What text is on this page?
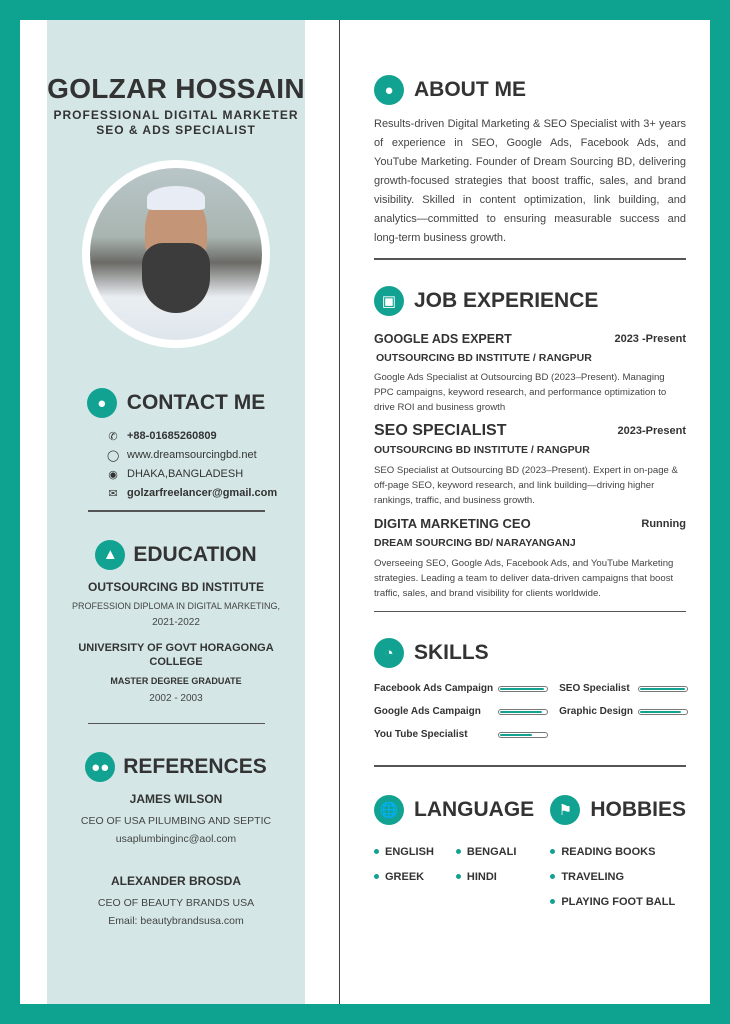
GOLZAR HOSSAIN
PROFESSIONAL DIGITAL MARKETER
SEO & ADS SPECIALIST
● CONTACT ME
✆ +88-01685260809
◯ www.dreamsourcingbd.net
◉ DHAKA,BANGLADESH
✉ golzarfreelancer@gmail.com
▲ EDUCATION
OUTSOURCING BD INSTITUTE
PROFESSION DIPLOMA IN DIGITAL MARKETING,
2021-2022
UNIVERSITY OF GOVT HORAGONGA COLLEGE
MASTER DEGREE GRADUATE
2002 - 2003
●● REFERENCES
JAMES WILSON
CEO OF USA PILUMBING AND SEPTIC
usaplumbinginc@aol.com
ALEXANDER BROSDA
CEO OF BEAUTY BRANDS USA
Email: beautybrandsusa.com
● ABOUT ME
Results-driven Digital Marketing & SEO Specialist with 3+ years of experience in SEO, Google Ads, Facebook Ads, and YouTube Marketing. Founder of Dream Sourcing BD, delivering growth-focused strategies that boost traffic, sales, and brand visibility. Skilled in content optimization, link building, and analytics—committed to ensuring measurable success and long-term business growth.
▣ JOB EXPERIENCE
GOOGLE ADS EXPERT	2023 -Present
OUTSOURCING BD INSTITUTE / RANGPUR
Google Ads Specialist at Outsourcing BD (2023–Present). Managing PPC campaigns, keyword research, and performance optimization to drive ROI and business growth
SEO SPECIALIST	2023-Present
OUTSOURCING BD INSTITUTE / RANGPUR
SEO Specialist at Outsourcing BD (2023–Present). Expert in on-page & off-page SEO, keyword research, and link building—driving higher rankings, traffic, and business growth.
DIGITA MARKETING CEO	Running
DREAM SOURCING BD/ NARAYANGANJ
Overseeing SEO, Google Ads, Facebook Ads, and YouTube Marketing strategies. Leading a team to deliver data-driven campaigns that boost traffic, sales, and brand visibility for clients worldwide.
◔ SKILLS
Facebook Ads Campaign	SEO Specialist
Google Ads Campaign	Graphic Design
You Tube Specialist
🌐 LANGUAGE
ENGLISH	BENGALI
GREEK	HINDI
⚑ HOBBIES
READING BOOKS
TRAVELING
PLAYING FOOT BALL
